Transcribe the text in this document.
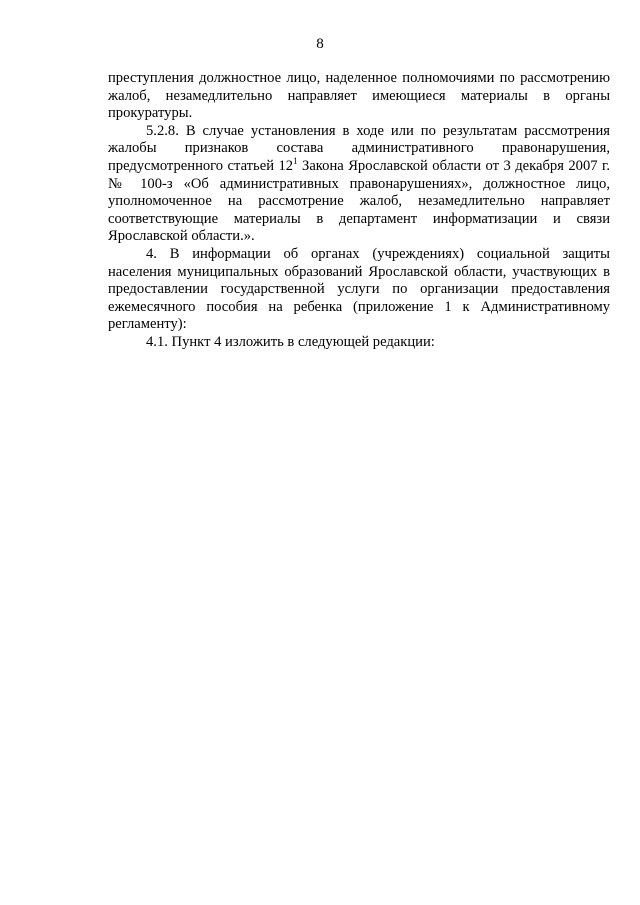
8

преступления должностное лицо, наделенное полномочиями по рассмотрению жалоб, незамедлительно направляет имеющиеся материалы в органы прокуратуры.

5.2.8. В случае установления в ходе или по результатам рассмотрения жалобы признаков состава административного правонарушения, предусмотренного статьей $12^1$ Закона Ярославской области от 3 декабря 2007 г. № 100-з «Об административных правонарушениях», должностное лицо, уполномоченное на рассмотрение жалоб, незамедлительно направляет соответствующие материалы в департамент информатизации и связи Ярославской области.».

4. В информации об органах (учреждениях) социальной защиты населения муниципальных образований Ярославской области, участвующих в предоставлении государственной услуги по организации предоставления ежемесячного пособия на ребенка (приложение 1 к Административному регламенту):

4.1. Пункт 4 изложить в следующей редакции:
